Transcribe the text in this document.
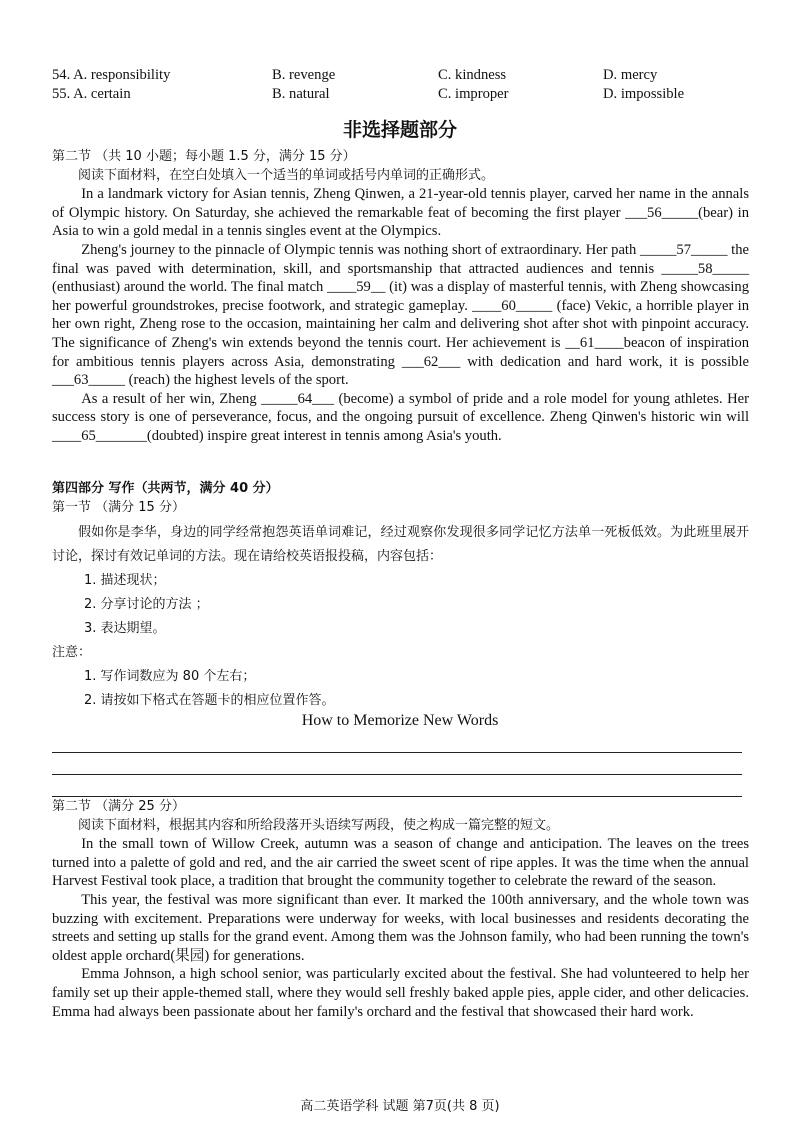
54. A. responsibility	B. revenge	C. kindness	D. mercy
55. A. certain	B. natural	C. improper	D. impossible
非选择题部分

第二节 （共 10 小题；每小题 1.5 分，满分 15 分）

阅读下面材料，在空白处填入一个适当的单词或括号内单词的正确形式。

In a landmark victory for Asian tennis, Zheng Qinwen, a 21-year-old tennis player, carved her name in the annals of Olympic history. On Saturday, she achieved the remarkable feat of becoming the first player ___56_____(bear) in Asia to win a gold medal in a tennis singles event at the Olympics.

Zheng's journey to the pinnacle of Olympic tennis was nothing short of extraordinary. Her path _____57_____ the final was paved with determination, skill, and sportsmanship that attracted audiences and tennis _____58_____ (enthusiast) around the world. The final match ____59__ (it) was a display of masterful tennis, with Zheng showcasing her powerful groundstrokes, precise footwork, and strategic gameplay. ____60_____ (face) Vekic, a horrible player in her own right, Zheng rose to the occasion, maintaining her calm and delivering shot after shot with pinpoint accuracy. The significance of Zheng's win extends beyond the tennis court. Her achievement is __61____beacon of inspiration for ambitious tennis players across Asia, demonstrating ___62___ with dedication and hard work, it is possible ___63_____ (reach) the highest levels of the sport.

As a result of her win, Zheng _____64___ (become) a symbol of pride and a role model for young athletes. Her success story is one of perseverance, focus, and the ongoing pursuit of excellence. Zheng Qinwen's historic win will ____65_______(doubted) inspire great interest in tennis among Asia's youth.

第四部分 写作（共两节，满分 40 分）

第一节 （满分 15 分）

假如你是李华，身边的同学经常抱怨英语单词难记，经过观察你发现很多同学记忆方法单一死板低效。为此班里展开讨论，探讨有效记单词的方法。现在请给校英语报投稿，内容包括：

1. 描述现状；

2. 分享讨论的方法 ；

3. 表达期望。

注意：

1. 写作词数应为 80 个左右；

2. 请按如下格式在答题卡的相应位置作答。

How to Memorize New Words

第二节 （满分 25 分）

阅读下面材料，根据其内容和所给段落开头语续写两段，使之构成一篇完整的短文。

In the small town of Willow Creek, autumn was a season of change and anticipation. The leaves on the trees turned into a palette of gold and red, and the air carried the sweet scent of ripe apples. It was the time when the annual Harvest Festival took place, a tradition that brought the community together to celebrate the reward of the season.

This year, the festival was more significant than ever. It marked the 100th anniversary, and the whole town was buzzing with excitement. Preparations were underway for weeks, with local businesses and residents decorating the streets and setting up stalls for the grand event. Among them was the Johnson family, who had been running the town's oldest apple orchard(果园) for generations.

Emma Johnson, a high school senior, was particularly excited about the festival. She had volunteered to help her family set up their apple-themed stall, where they would sell freshly baked apple pies, apple cider, and other delicacies. Emma had always been passionate about her family's orchard and the festival that showcased their hard work.

高二英语学科 试题 第7页(共 8 页)
